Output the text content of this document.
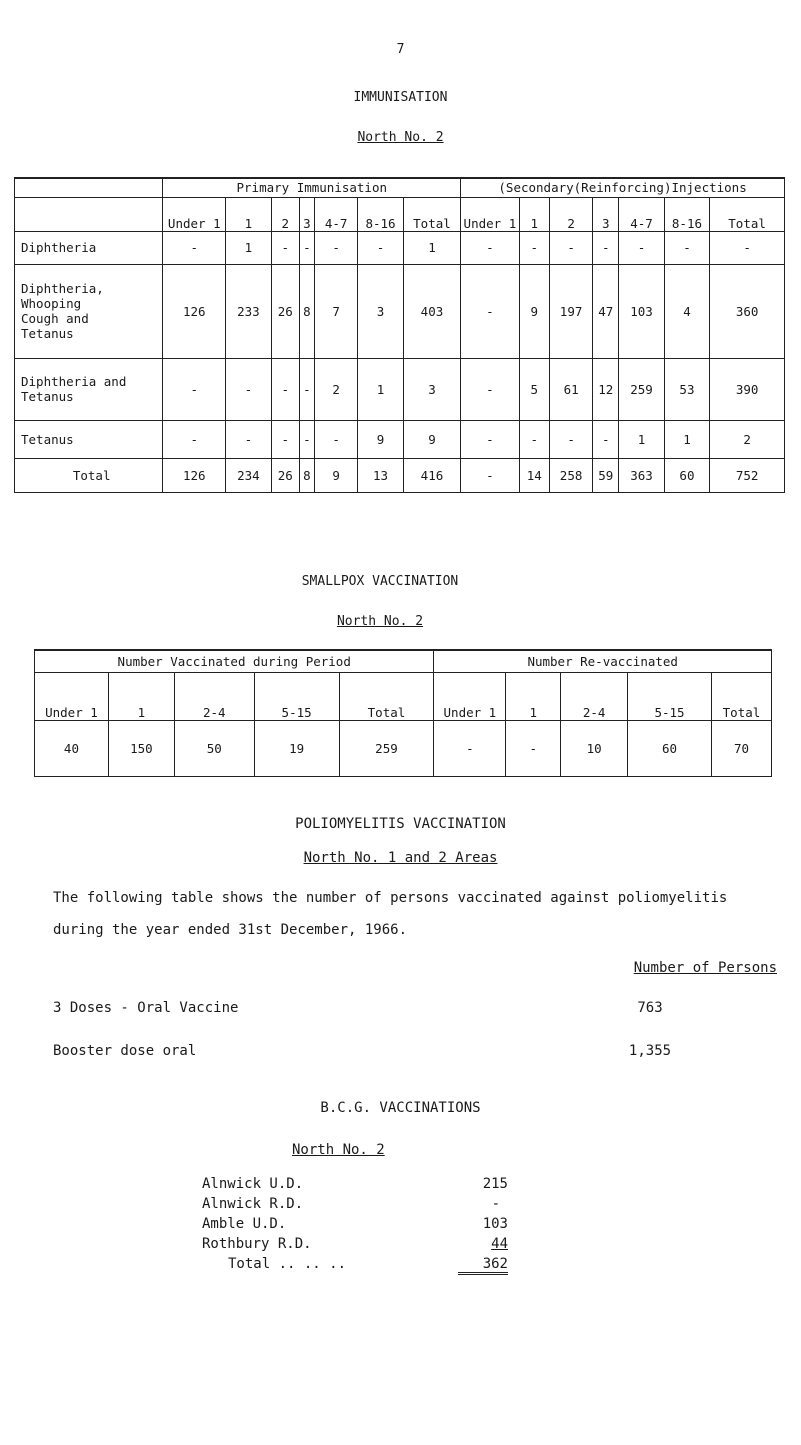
7
IMMUNISATION
North No. 2
	Primary Immunisation							(Secondary(Reinforcing)Injections						
	Under 1	1	2	3	4-7	8-16	Total	Under 1	1	2	3	4-7	8-16	Total
Diphtheria	-	1	-	-	-	-	1	-	-	-	-	-	-	-
Diphtheria, Whooping Cough and Tetanus	126	233	26	8	7	3	403	-	9	197	47	103	4	360
Diphtheria and Tetanus	-	-	-	-	2	1	3	-	5	61	12	259	53	390
Tetanus	-	-	-	-	-	9	9	-	-	-	-	1	1	2
Total	126	234	26	8	9	13	416	-	14	258	59	363	60	752
SMALLPOX VACCINATION
North No. 2
Number Vaccinated during Period					Number Re-vaccinated				
Under 1	1	2-4	5-15	Total	Under 1	1	2-4	5-15	Total
40	150	50	19	259	-	-	10	60	70
POLIOMYELITIS VACCINATION
North No. 1 and 2 Areas
The following table shows the number of persons vaccinated against poliomyelitis during the year ended 31st December, 1966.
Number of Persons
3 Doses - Oral Vaccine	763
Booster dose oral	1,355
B.C.G. VACCINATIONS
North No. 2
Alnwick U.D.	215
Alnwick R.D.	-
Amble U.D.	103
Rothbury R.D.	44
Total .. .. ..	362
